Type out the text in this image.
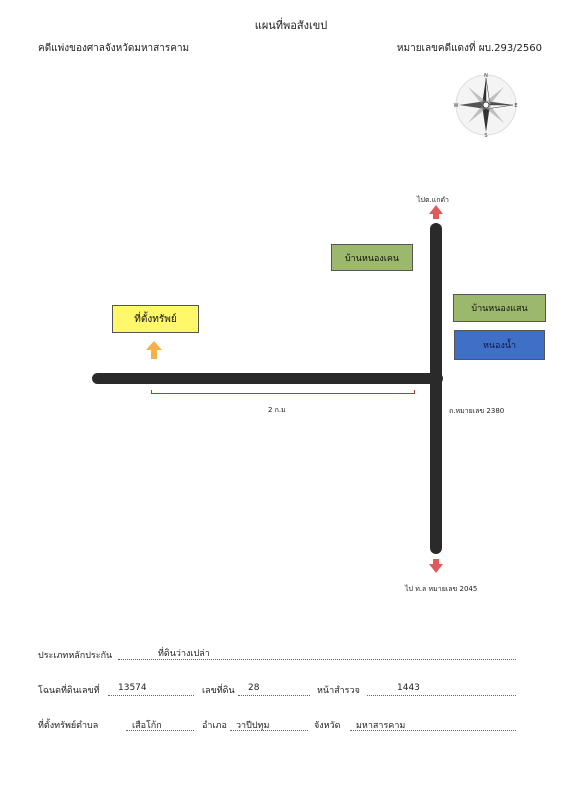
แผนที่พอสังเขป
คดีแพ่งของศาลจังหวัดมหาสารคาม	หมายเลขคดีแดงที่ ผบ.293/2560
N
S
E
W
ไปต.แกดำ
2 ก.ม	ถ.หมายเลข 2380
ไป ท.ล หมายเลข 2045
ที่ตั้งทรัพย์
บ้านหนองเคน
บ้านหนองแสน
หนองน้ำ
ประเภทหลักประกัน	ที่ดินว่างเปล่า
โฉนดที่ดินเลขที่ 13574	เลขที่ดิน 28	หน้าสำรวจ	1443
ที่ตั้งทรัพย์ตำบล	เสือโก้ก	อำเภอ วาปีปทุม	จังหวัด มหาสารคาม
